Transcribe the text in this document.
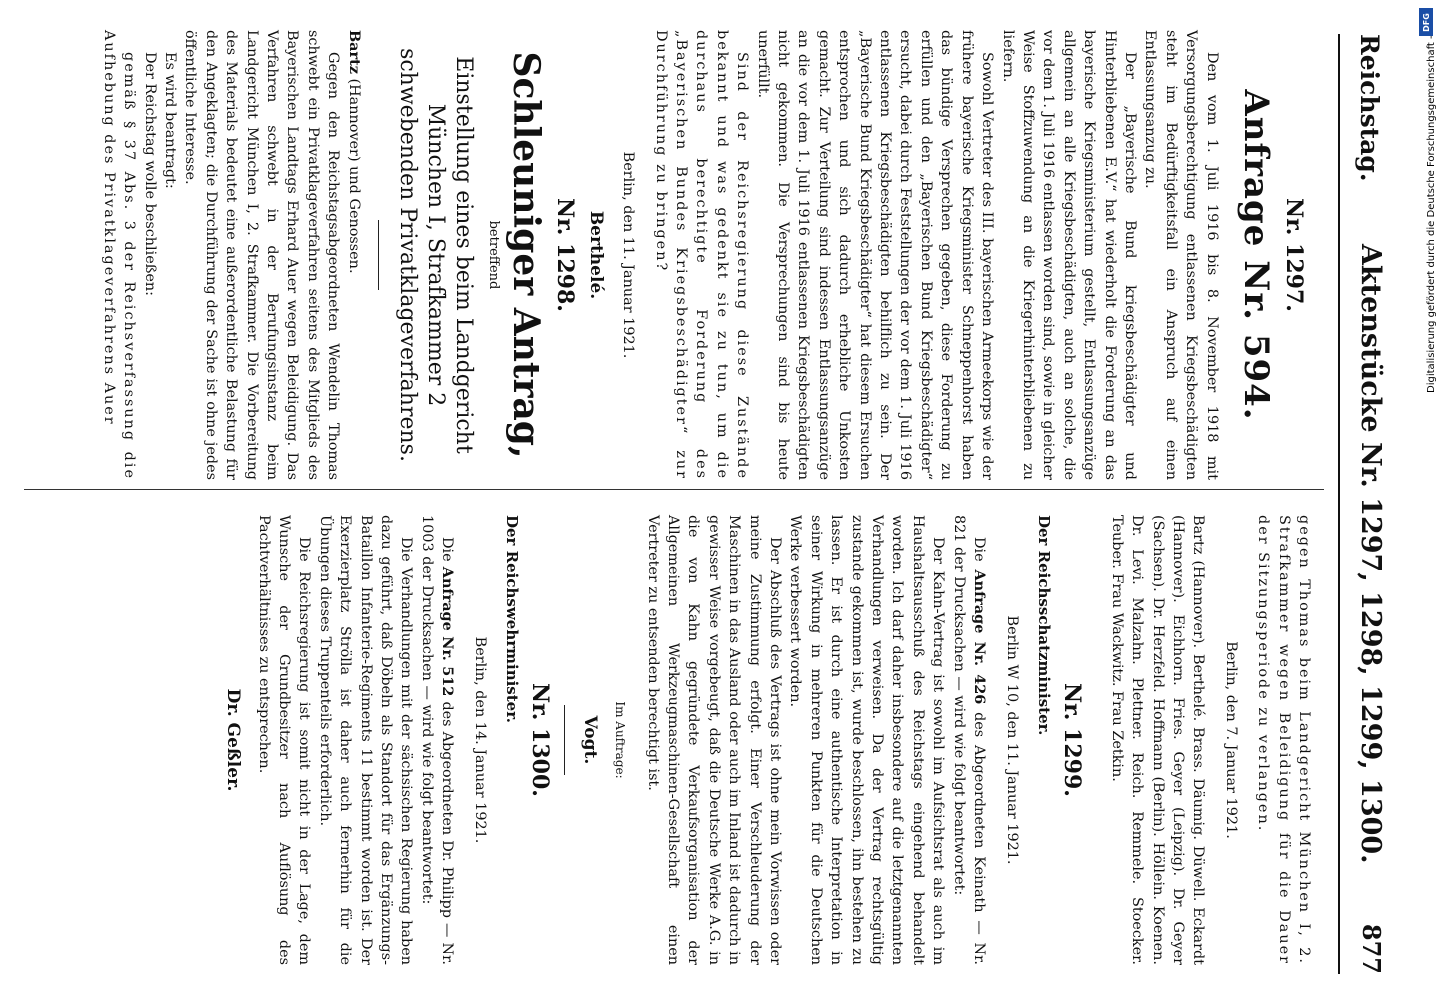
Reichstag.
Aktenstücke Nr. 1297, 1298, 1299, 1300.
877
Nr. 1297.
Anfrage Nr. 594.

Den vom 1. Juli 1916 bis 8. November 1918 mit Versorgungsberechtigung entlassenen Kriegsbeschädigten steht im Bedürftigkeitsfall ein Anspruch auf einen Entlassungsanzug zu.

Der „Bayerische Bund kriegsbeschädigter und Hinterbliebenen E.V.“ hat wiederholt die Forderung an das bayerische Kriegsministerium gestellt, Entlassungsanzüge allgemein an alle Kriegsbeschädigten, auch an solche, die vor dem 1. Juli 1916 entlassen worden sind, sowie in gleicher Weise Stoffzuwendung an die Kriegerhinterbliebenen zu liefern.

Sowohl Vertreter des III. bayerischen Armeekorps wie der frühere bayerische Kriegsminister Schneppenhorst haben das bündige Versprechen gegeben, diese Forderung zu erfüllen und den „Bayerischen Bund Kriegsbeschädigter“ ersucht, dabei durch Feststellungen der vor dem 1. Juli 1916 entlassenen Kriegsbeschädigten behilflich zu sein. Der „Bayerische Bund Kriegsbeschädigter“ hat diesem Ersuchen entsprochen und sich dadurch erhebliche Unkosten gemacht. Zur Verteilung sind indessen Entlassungsanzüge an die vor dem 1. Juli 1916 entlassenen Kriegsbeschädigten nicht gekommen. Die Versprechungen sind bis heute unerfüllt.

Sind der Reichsregierung diese Zustände bekannt und was gedenkt sie zu tun, um die durchaus berechtigte Forderung des „Bayerischen Bundes Kriegsbeschädigter“ zur Durchführung zu bringen?

Berlin, den 11. Januar 1921.
Berthelé.
Nr. 1298.
Schleuniger Antrag,
betreffend
Einstellung eines beim Landgericht München I, Strafkammer 2 schwebenden Privatklageverfahrens.

Bartz (Hannover) und Genossen.

Gegen den Reichstagsabgeordneten Wendelin Thomas schwebt ein Privatklageverfahren seitens des Mitglieds des Bayerischen Landtags Erhard Auer wegen Beleidigung. Das Verfahren schwebt in der Berufungsinstanz beim Landgericht München I, 2. Strafkammer. Die Vorbereitung des Materials bedeutet eine außerordentliche Belastung für den Angeklagten; die Durchführung der Sache ist ohne jedes öffentliche Interesse.

Es wird beantragt:

Der Reichstag wolle beschließen:

gemäß § 37 Abs. 3 der Reichsverfassung die Aufhebung des Privatklageverfahrens Auer

gegen Thomas beim Landgericht München I, 2. Strafkammer wegen Beleidigung für die Dauer der Sitzungsperiode zu verlangen.

Berlin, den 7. Januar 1921.

Bartz (Hannover). Berthelé. Brass. Däumig. Düwell. Eckardt (Hannover). Eichhorn. Fries. Geyer (Leipzig). Dr. Geyer (Sachsen). Dr. Herzfeld. Hoffmann (Berlin). Höllein. Koenen. Dr. Levi. Malzahn. Plettner. Reich. Remmele. Stoecker. Teuber. Frau Wackwitz. Frau Zetkin.

Nr. 1299.
Der Reichsschatzminister.
Berlin W 10, den 11. Januar 1921.

Die Anfrage Nr. 426 des Abgeordneten Keinath — Nr. 821 der Drucksachen — wird wie folgt beantwortet:

Der Kahn-Vertrag ist sowohl im Aufsichtsrat als auch im Haushaltsausschuß des Reichstags eingehend behandelt worden. Ich darf daher insbesondere auf die letztgenannten Verhandlungen verweisen. Da der Vertrag rechtsgültig zustande gekommen ist, wurde beschlossen, ihn bestehen zu lassen. Er ist durch eine authentische Interpretation in seiner Wirkung in mehreren Punkten für die Deutschen Werke verbessert worden.

Der Abschluß des Vertrags ist ohne mein Vorwissen oder meine Zustimmung erfolgt. Einer Verschleuderung der Maschinen in das Ausland oder auch im Inland ist dadurch in gewisser Weise vorgebeugt, daß die Deutsche Werke A.G. in die von Kahn gegründete Verkaufsorganisation der Allgemeinen Werkzeugmaschinen-Gesellschaft einen Vertreter zu entsenden berechtigt ist.

Im Auftrage:
Vogt.
Nr. 1300.
Der Reichswehrminister.
Berlin, den 14. Januar 1921.

Die Anfrage Nr. 512 des Abgeordneten Dr. Philipp — Nr. 1003 der Drucksachen — wird wie folgt beantwortet:

Die Verhandlungen mit der sächsischen Regierung haben dazu geführt, daß Döbeln als Standort für das Ergänzungs-Bataillon Infanterie-Regiments 11 bestimmt worden ist. Der Exerzierplatz Strölla ist daher auch fernerhin für die Übungen dieses Truppenteils erforderlich.

Die Reichsregierung ist somit nicht in der Lage, dem Wunsche der Grundbesitzer nach Auflösung des Pachtverhältnisses zu entsprechen.

Dr. Geßler.
DFG
Digitalisierung gefördert durch die Deutsche Forschungsgemeinschaft -
